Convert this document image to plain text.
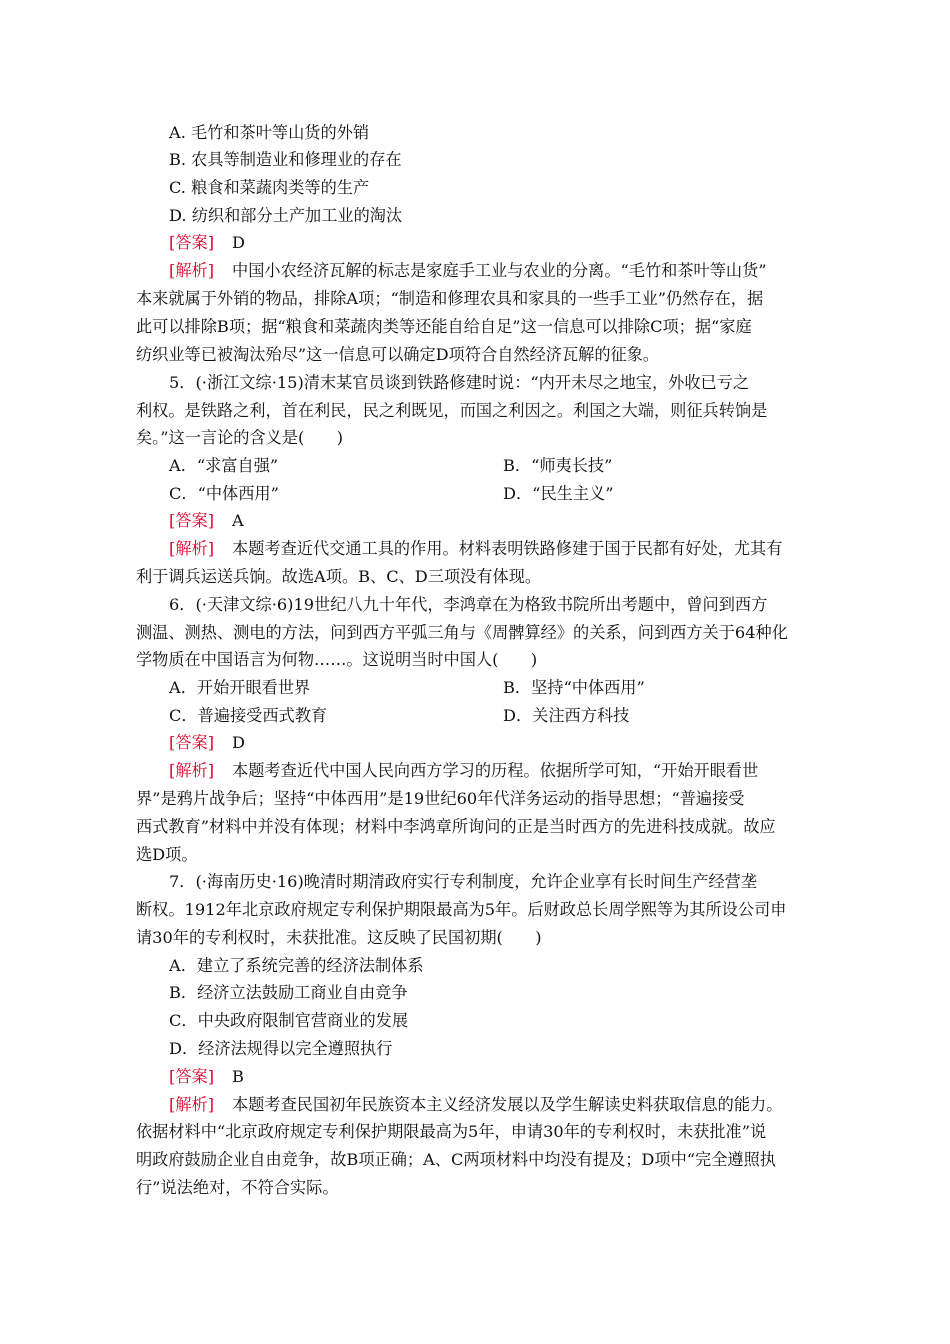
A. 毛竹和茶叶等山货的外销
B. 农具等制造业和修理业的存在
C. 粮食和菜蔬肉类等的生产
D. 纺织和部分土产加工业的淘汰
[答案] D
[解析] 中国小农经济瓦解的标志是家庭手工业与农业的分离。“毛竹和茶叶等山货”
本来就属于外销的物品，排除A项；“制造和修理农具和家具的一些手工业”仍然存在，据
此可以排除B项；据“粮食和菜蔬肉类等还能自给自足”这一信息可以排除C项；据“家庭
纺织业等已被淘汰殆尽”这一信息可以确定D项符合自然经济瓦解的征象。
5．(·浙江文综·15)清末某官员谈到铁路修建时说：“内开未尽之地宝，外收已亏之
利权。是铁路之利，首在利民，民之利既见，而国之利因之。利国之大端，则征兵转饷是
矣。”这一言论的含义是(　　)
A．“求富自强”	B．“师夷长技”
C．“中体西用”	D．“民生主义”
[答案] A
[解析] 本题考查近代交通工具的作用。材料表明铁路修建于国于民都有好处，尤其有
利于调兵运送兵饷。故选A项。B、C、D三项没有体现。
6．(·天津文综·6)19世纪八九十年代，李鸿章在为格致书院所出考题中，曾问到西方
测温、测热、测电的方法，问到西方平弧三角与《周髀算经》的关系，问到西方关于64种化
学物质在中国语言为何物……。这说明当时中国人(　　)
A．开始开眼看世界	B．坚持“中体西用”
C．普遍接受西式教育	D．关注西方科技
[答案] D
[解析] 本题考查近代中国人民向西方学习的历程。依据所学可知，“开始开眼看世
界”是鸦片战争后；坚持“中体西用”是19世纪60年代洋务运动的指导思想；“普遍接受
西式教育”材料中并没有体现；材料中李鸿章所询问的正是当时西方的先进科技成就。故应
选D项。
7．(·海南历史·16)晚清时期清政府实行专利制度，允许企业享有长时间生产经营垄
断权。1912年北京政府规定专利保护期限最高为5年。后财政总长周学熙等为其所设公司申
请30年的专利权时，未获批准。这反映了民国初期(　　)
A．建立了系统完善的经济法制体系
B．经济立法鼓励工商业自由竞争
C．中央政府限制官营商业的发展
D．经济法规得以完全遵照执行
[答案] B
[解析] 本题考查民国初年民族资本主义经济发展以及学生解读史料获取信息的能力。
依据材料中“北京政府规定专利保护期限最高为5年，申请30年的专利权时，未获批准”说
明政府鼓励企业自由竞争，故B项正确；A、C两项材料中均没有提及；D项中“完全遵照执
行”说法绝对，不符合实际。
